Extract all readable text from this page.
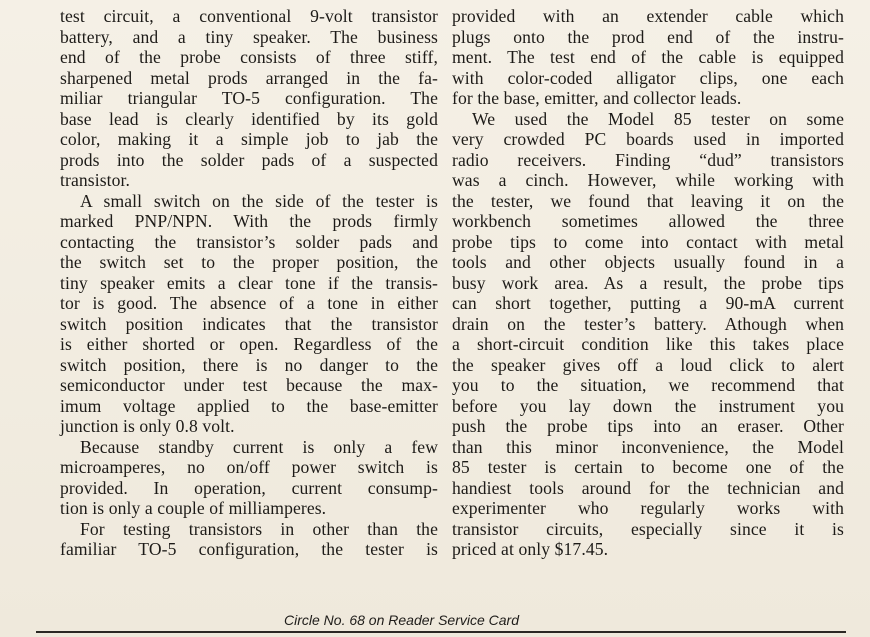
test circuit, a conventional 9-volt transistor
battery, and a tiny speaker. The business
end of the probe consists of three stiff,
sharpened metal prods arranged in the fa-
miliar triangular TO-5 configuration. The
base lead is clearly identified by its gold
color, making it a simple job to jab the
prods into the solder pads of a suspected
transistor.
A small switch on the side of the tester is
marked PNP/NPN. With the prods firmly
contacting the transistor’s solder pads and
the switch set to the proper position, the
tiny speaker emits a clear tone if the transis-
tor is good. The absence of a tone in either
switch position indicates that the transistor
is either shorted or open. Regardless of the
switch position, there is no danger to the
semiconductor under test because the max-
imum voltage applied to the base-emitter
junction is only 0.8 volt.
Because standby current is only a few
microamperes, no on/off power switch is
provided. In operation, current consump-
tion is only a couple of milliamperes.
For testing transistors in other than the
familiar TO-5 configuration, the tester is
provided with an extender cable which
plugs onto the prod end of the instru-
ment. The test end of the cable is equipped
with color-coded alligator clips, one each
for the base, emitter, and collector leads.
We used the Model 85 tester on some
very crowded PC boards used in imported
radio receivers. Finding “dud” transistors
was a cinch. However, while working with
the tester, we found that leaving it on the
workbench sometimes allowed the three
probe tips to come into contact with metal
tools and other objects usually found in a
busy work area. As a result, the probe tips
can short together, putting a 90-mA current
drain on the tester’s battery. Athough when
a short-circuit condition like this takes place
the speaker gives off a loud click to alert
you to the situation, we recommend that
before you lay down the instrument you
push the probe tips into an eraser. Other
than this minor inconvenience, the Model
85 tester is certain to become one of the
handiest tools around for the technician and
experimenter who regularly works with
transistor circuits, especially since it is
priced at only $17.45.
Circle No. 68 on Reader Service Card
